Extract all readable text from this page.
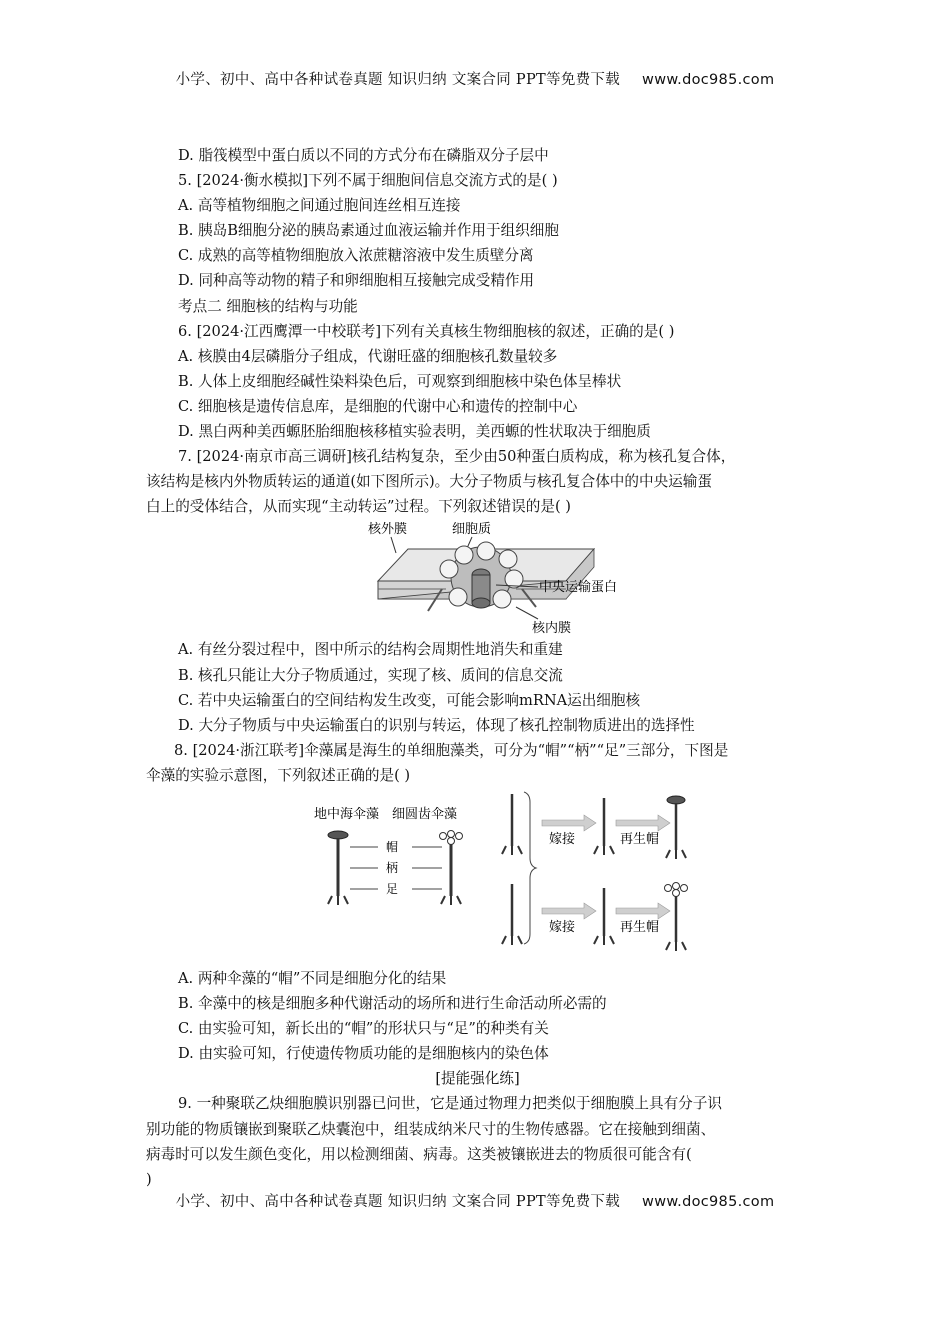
小学、初中、高中各种试卷真题 知识归纳 文案合同 PPT等免费下载 www.doc985.com
D. 脂筏模型中蛋白质以不同的方式分布在磷脂双分子层中
5. [2024·衡水模拟]下列不属于细胞间信息交流方式的是( )
A. 高等植物细胞之间通过胞间连丝相互连接
B. 胰岛B细胞分泌的胰岛素通过血液运输并作用于组织细胞
C. 成熟的高等植物细胞放入浓蔗糖溶液中发生质壁分离
D. 同种高等动物的精子和卵细胞相互接触完成受精作用
考点二 细胞核的结构与功能
6. [2024·江西鹰潭一中校联考]下列有关真核生物细胞核的叙述，正确的是( )
A. 核膜由4层磷脂分子组成，代谢旺盛的细胞核孔数量较多
B. 人体上皮细胞经碱性染料染色后，可观察到细胞核中染色体呈棒状
C. 细胞核是遗传信息库，是细胞的代谢中心和遗传的控制中心
D. 黑白两种美西螈胚胎细胞核移植实验表明，美西螈的性状取决于细胞质
7. [2024·南京市高三调研]核孔结构复杂，至少由50种蛋白质构成，称为核孔复合体，
该结构是核内外物质转运的通道(如下图所示)。大分子物质与核孔复合体中的中央运输蛋
白上的受体结合，从而实现“主动转运”过程。下列叙述错误的是( )
核外膜	细胞质
中央运输蛋白
核内膜
A. 有丝分裂过程中，图中所示的结构会周期性地消失和重建
B. 核孔只能让大分子物质通过，实现了核、质间的信息交流
C. 若中央运输蛋白的空间结构发生改变，可能会影响mRNA运出细胞核
D. 大分子物质与中央运输蛋白的识别与转运，体现了核孔控制物质进出的选择性
8. [2024·浙江联考]伞藻属是海生的单细胞藻类，可分为“帽”“柄”“足”三部分，下图是
伞藻的实验示意图，下列叙述正确的是( )
地中海伞藻 细圆齿伞藻
帽
柄
足
嫁接	再生帽
嫁接	再生帽
A. 两种伞藻的“帽”不同是细胞分化的结果
B. 伞藻中的核是细胞多种代谢活动的场所和进行生命活动所必需的
C. 由实验可知，新长出的“帽”的形状只与“足”的种类有关
D. 由实验可知，行使遗传物质功能的是细胞核内的染色体
[提能强化练]
9. 一种聚联乙炔细胞膜识别器已问世，它是通过物理力把类似于细胞膜上具有分子识
别功能的物质镶嵌到聚联乙炔囊泡中，组装成纳米尺寸的生物传感器。它在接触到细菌、
病毒时可以发生颜色变化，用以检测细菌、病毒。这类被镶嵌进去的物质很可能含有(
)
小学、初中、高中各种试卷真题 知识归纳 文案合同 PPT等免费下载 www.doc985.com
